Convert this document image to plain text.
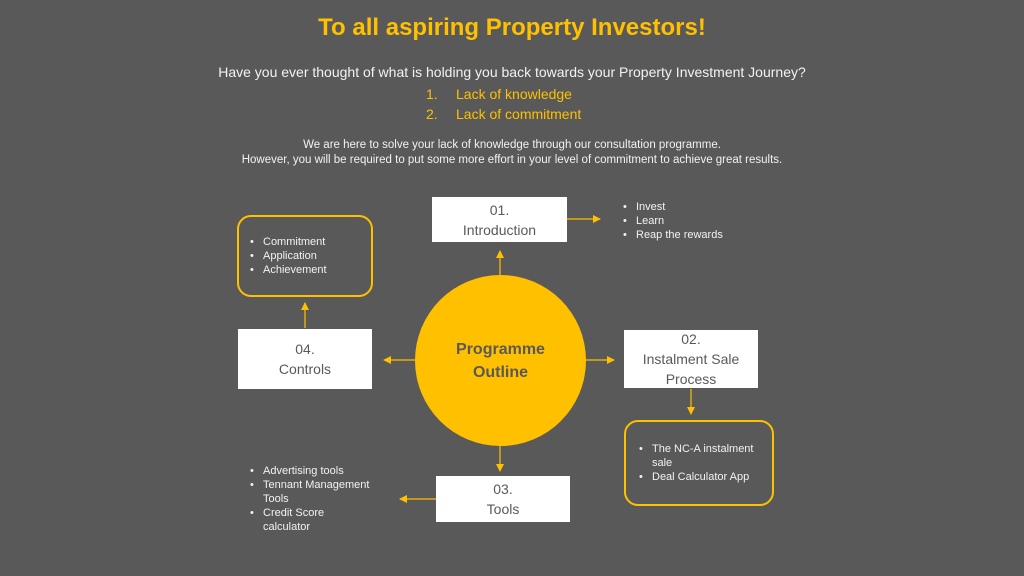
To all aspiring Property Investors!
Have you ever thought of what is holding you back towards your Property Investment Journey?
1.	Lack of knowledge
2.	Lack of commitment
We are here to solve your lack of knowledge through our consultation programme.
However, you will be required to put some more effort in your level of commitment to achieve great results.
Programme
Outline
01.
Introduction
• Invest
• Learn
• Reap the rewards
02.
Instalment Sale
Process
• The NC-A instalment sale
• Deal Calculator App
03.
Tools
• Advertising tools
• Tennant Management Tools
• Credit Score calculator
04.
Controls
• Commitment
• Application
• Achievement
